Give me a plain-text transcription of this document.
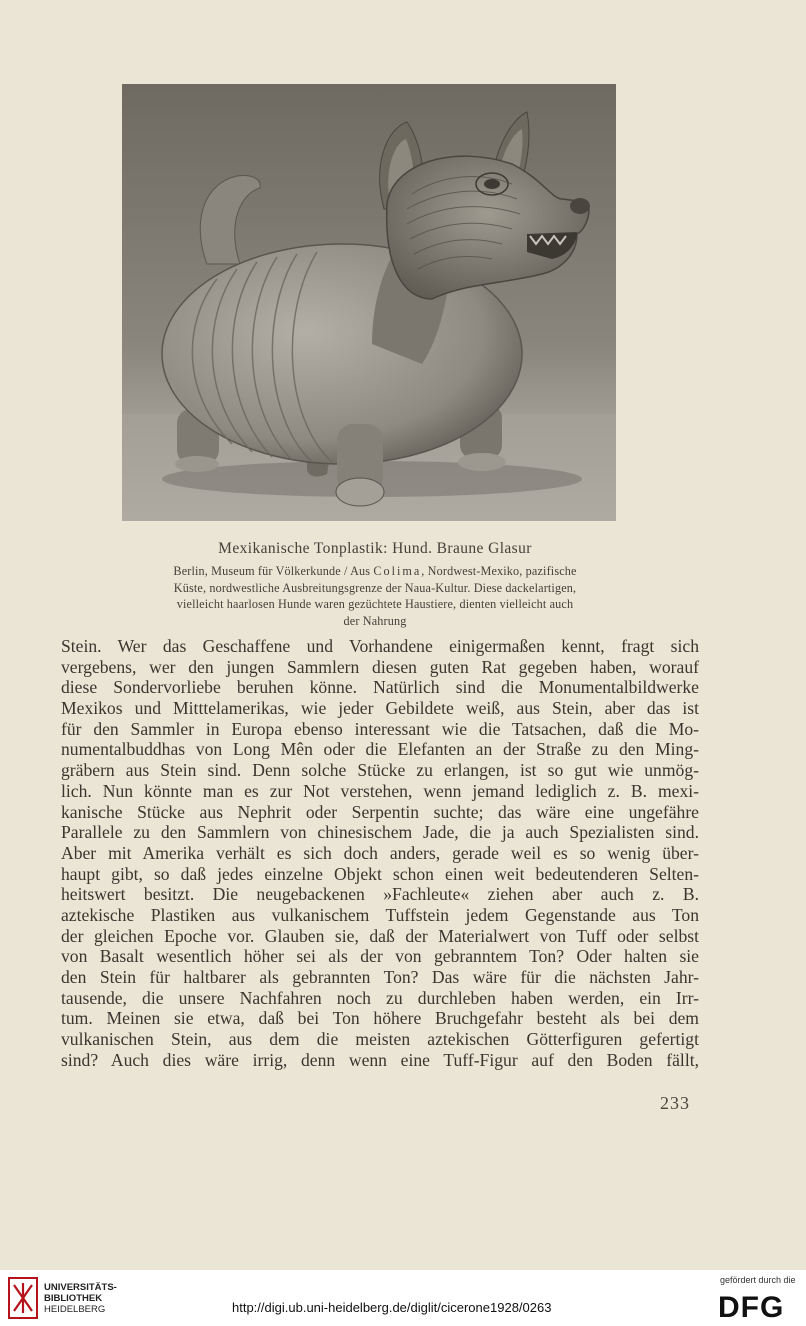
Mexikanische Tonplastik: Hund. Braune Glasur
Berlin, Museum für Völkerkunde / Aus Colima, Nordwest-Mexiko, pazifische
Küste, nordwestliche Ausbreitungsgrenze der Naua-Kultur. Diese dackelartigen,
vielleicht haarlosen Hunde waren gezüchtete Haustiere, dienten vielleicht auch
der Nahrung
Stein. Wer das Geschaffene und Vorhandene einigermaßen kennt, fragt sich
vergebens, wer den jungen Sammlern diesen guten Rat gegeben haben, worauf
diese Sondervorliebe beruhen könne. Natürlich sind die Monumentalbildwerke
Mexikos und Mitttelamerikas, wie jeder Gebildete weiß, aus Stein, aber das ist
für den Sammler in Europa ebenso interessant wie die Tatsachen, daß die Mo-
numentalbuddhas von Long Mên oder die Elefanten an der Straße zu den Ming-
gräbern aus Stein sind. Denn solche Stücke zu erlangen, ist so gut wie unmög-
lich. Nun könnte man es zur Not verstehen, wenn jemand lediglich z. B. mexi-
kanische Stücke aus Nephrit oder Serpentin suchte; das wäre eine ungefähre
Parallele zu den Sammlern von chinesischem Jade, die ja auch Spezialisten sind.
Aber mit Amerika verhält es sich doch anders, gerade weil es so wenig über-
haupt gibt, so daß jedes einzelne Objekt schon einen weit bedeutenderen Selten-
heitswert besitzt. Die neugebackenen »Fachleute« ziehen aber auch z. B.
aztekische Plastiken aus vulkanischem Tuffstein jedem Gegenstande aus Ton
der gleichen Epoche vor. Glauben sie, daß der Materialwert von Tuff oder selbst
von Basalt wesentlich höher sei als der von gebranntem Ton? Oder halten sie
den Stein für haltbarer als gebrannten Ton? Das wäre für die nächsten Jahr-
tausende, die unsere Nachfahren noch zu durchleben haben werden, ein Irr-
tum. Meinen sie etwa, daß bei Ton höhere Bruchgefahr besteht als bei dem
vulkanischen Stein, aus dem die meisten aztekischen Götterfiguren gefertigt
sind? Auch dies wäre irrig, denn wenn eine Tuff-Figur auf den Boden fällt,
233
UNIVERSITÄTS-
BIBLIOTHEK
HEIDELBERG	http://digi.ub.uni-heidelberg.de/diglit/cicerone1928/0263
gefördert durch die
DFG
